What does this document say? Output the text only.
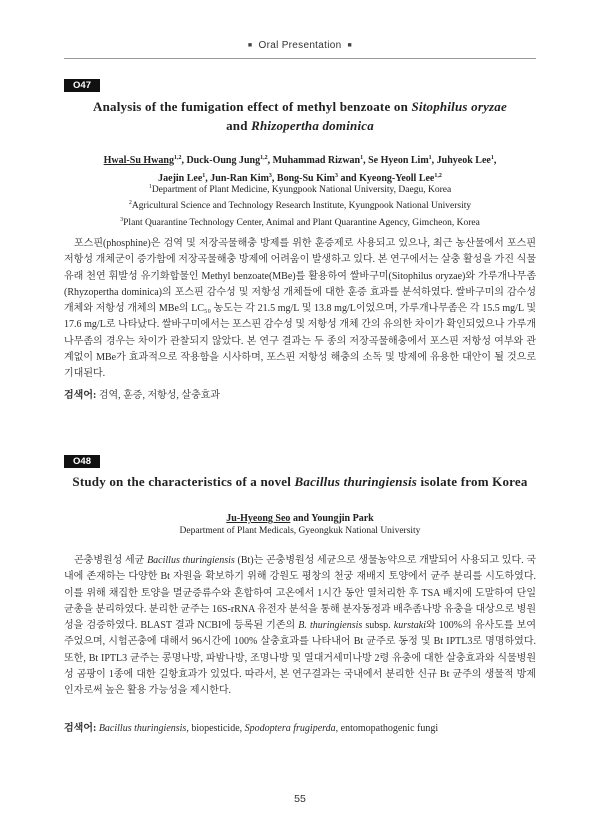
■ Oral Presentation ■
O47
Analysis of the fumigation effect of methyl benzoate on Sitophilus oryzae
and Rhizopertha dominica
Hwal-Su Hwang$^{1,2}$, Duck-Oung Jung$^{1,2}$, Muhammad Rizwan$^1$, Se Hyeon Lim$^1$, Juhyeok Lee$^1$,
Jaejin Lee$^1$, Jun-Ran Kim$^3$, Bong-Su Kim$^3$ and Kyeong-Yeoll Lee$^{1,2}$
$^1$Department of Plant Medicine, Kyungpook National University, Daegu, Korea
$^2$Agricultural Science and Technology Research Institute, Kyungpook National University
$^3$Plant Quarantine Technology Center, Animal and Plant Quarantine Agency, Gimcheon, Korea
포스핀(phosphine)은 검역 및 저장곡물해충 방제를 위한 훈증제로 사용되고 있으나, 최근 농산물에서 포스핀 저항성 개체군이 증가함에 저장곡물해충 방제에 어려움이 발생하고 있다. 본 연구에서는 살충 활성을 가진 식물유래 천연 휘발성 유기화합물인 Methyl benzoate(MBe)를 활용하여 쌀바구미(Sitophilus oryzae)와 가루개나무좀(Rhyzopertha dominica)의 포스핀 감수성 및 저항성 개체들에 대한 훈증 효과를 분석하였다. 쌀바구미의 감수성 개체와 저항성 개체의 MBe의 LC₅₀ 농도는 각 21.5 mg/L 및 13.8 mg/L이었으며, 가루개나무좀은 각 15.5 mg/L 및 17.6 mg/L로 나타났다. 쌀바구미에서는 포스핀 감수성 및 저항성 개체 간의 유의한 차이가 확인되었으나 가루개나무좀의 경우는 차이가 관찰되지 않았다. 본 연구 결과는 두 종의 저장곡물해충에서 포스핀 저항성 여부와 관계없이 MBe가 효과적으로 작용함을 시사하며, 포스핀 저항성 해충의 소독 및 방제에 유용한 대안이 될 것으로 기대된다.
검색어: 검역, 훈증, 저항성, 살충효과
O48
Study on the characteristics of a novel Bacillus thuringiensis isolate from Korea
Ju-Hyeong Seo and Youngjin Park
Department of Plant Medicals, Gyeongkuk National University
곤충병원성 세균 Bacillus thuringiensis (Bt)는 곤충병원성 세균으로 생물농약으로 개발되어 사용되고 있다. 국내에 존재하는 다양한 Bt 자원을 확보하기 위해 강원도 평창의 천궁 재배지 토양에서 균주 분리를 시도하였다. 이를 위해 채집한 토양을 멸균증류수와 혼합하여 고온에서 1시간 동안 열처리한 후 TSA 배지에 도말하여 단일 균총을 분리하였다. 분리한 균주는 16S-rRNA 유전자 분석을 통해 분자동정과 배추좀나방 유충을 대상으로 병원성을 검증하였다. BLAST 결과 NCBI에 등록된 기존의 B. thuringiensis subsp. kurstaki와 100%의 유사도를 보여주었으며, 시험곤충에 대해서 96시간에 100% 살충효과를 나타내어 Bt 균주로 동정 및 Bt IPTL3로 명명하였다. 또한, Bt IPTL3 균주는 콩명나방, 파밤나방, 조명나방 및 열대거세미나방 2령 유충에 대한 살충효과와 식물병원성 곰팡이 1종에 대한 길항효과가 있었다. 따라서, 본 연구결과는 국내에서 분리한 신규 Bt 균주의 생물적 방제 인자로써 높은 활용 가능성을 제시한다.
검색어: Bacillus thuringiensis, biopesticide, Spodoptera frugiperda, entomopathogenic fungi
55
